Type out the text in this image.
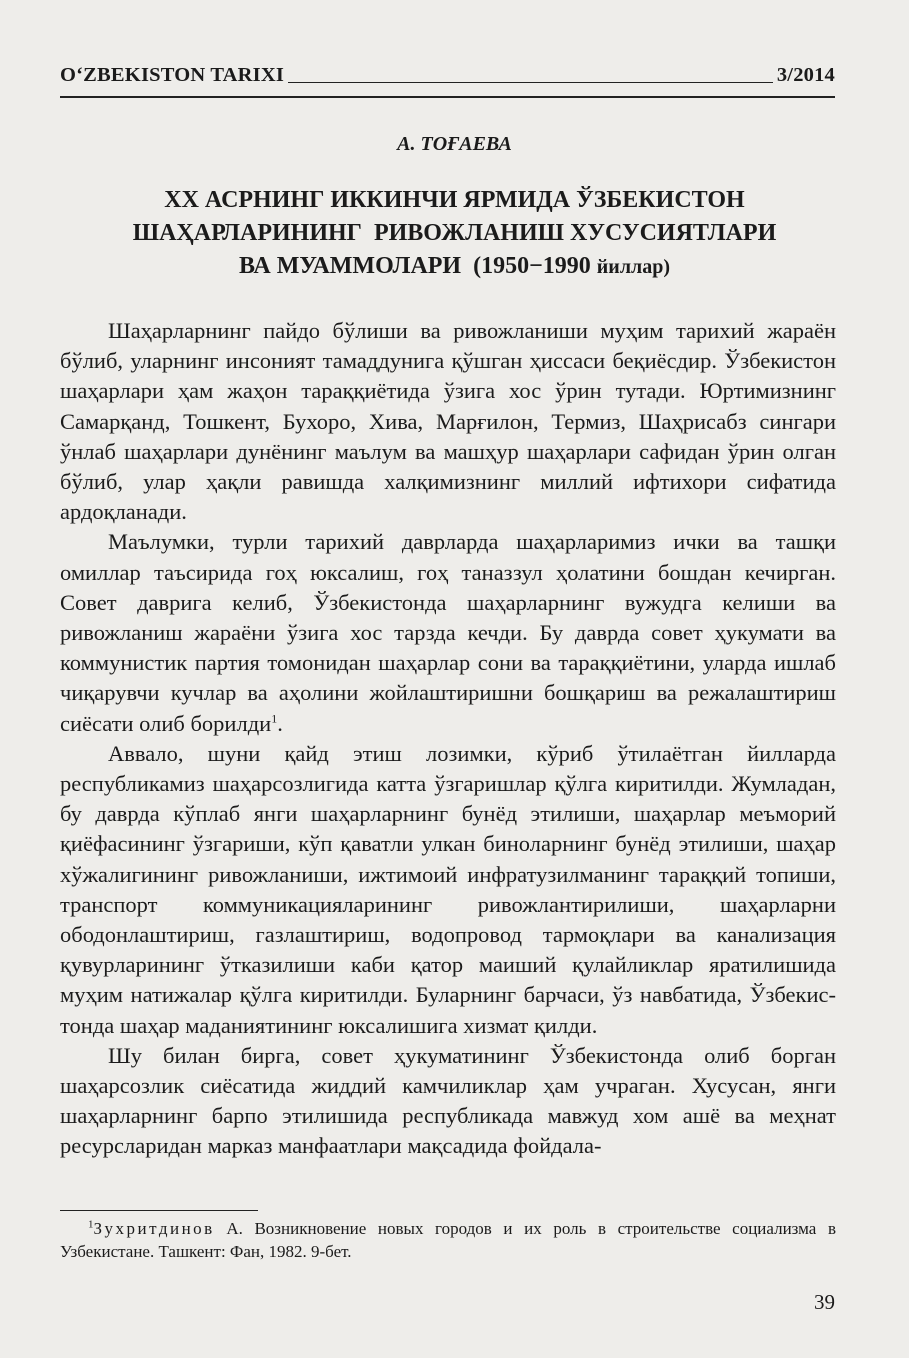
O‘ZBEKISTON TARIXI	3/2014
А. ТОҒАЕВА
XX АСРНИНГ ИККИНЧИ ЯРМИДА ЎЗБЕКИСТОН
ШАҲАРЛАРИНИНГ  РИВОЖЛАНИШ ХУСУСИЯТЛАРИ
ВА МУАММОЛАРИ  (1950−1990 йиллар)

Шаҳарларнинг пайдо бўлиши ва ривожланиши муҳим тарихий жараён бўлиб, уларнинг инсоният тамаддунига қўшган ҳиссаси беқиёсдир. Ўзбекистон шаҳарлари ҳам жаҳон тараққиётида ўзига хос ўрин тутади. Юртимизнинг Самарқанд, Тошкент, Бухоро, Хива, Марғилон, Термиз, Шаҳрисабз сингари ўнлаб шаҳарлари дунёнинг маълум ва машҳур шаҳарлари сафидан ўрин олган бўлиб, улар ҳақли равишда халқимизнинг миллий ифтихори сифатида ардоқланади.

Маълумки, турли тарихий даврларда шаҳарларимиз ички ва ташқи омиллар таъсирида гоҳ юксалиш, гоҳ таназзул ҳолатини бошдан кечирган. Совет даврига келиб, Ўзбекистонда шаҳарларнинг вужудга келиши ва ривожланиш жараёни ўзига хос тарзда кечди. Бу даврда совет ҳукумати ва коммунистик партия томонидан шаҳарлар сони ва тараққиётини, уларда ишлаб чиқарувчи кучлар ва аҳолини жойлаштиришни бошқариш ва режалаштириш сиёсати олиб борилди$^1$.

Аввало, шуни қайд этиш лозимки, кўриб ўтилаётган йилларда республикамиз шаҳарсозлигида катта ўзгаришлар қўлга киритилди. Жумладан, бу даврда кўплаб янги шаҳарларнинг бунёд этилиши, шаҳарлар меъморий қиёфасининг ўзгариши, кўп қаватли улкан биноларнинг бунёд этилиши, шаҳар хўжалигининг ривожланиши, ижтимоий инфратузилманинг тараққий топиши, транспорт коммуникацияларининг ривожлантирилиши, шаҳарларни ободонлаштириш, газлаштириш, водопровод тармоқлари ва канализация қувурларининг ўтказилиши каби қатор маиший қулайликлар яратилишида муҳим натижалар қўлга киритилди. Буларнинг барчаси, ўз навбатида, Ўзбекистонда шаҳар маданиятининг юксалишига хизмат қилди.

Шу билан бирга, совет ҳукуматининг Ўзбекистонда олиб борган шаҳарсозлик сиёсатида жиддий камчиликлар ҳам учраган. Хусусан, янги шаҳарларнинг барпо этилишида республикада мавжуд хом ашё ва меҳнат ресурсларидан марказ манфаатлари мақсадида фойдала-

$^1$Зухритдинов А. Возникновение новых городов и их роль в строительстве социализма в Узбекистане. Ташкент: Фан, 1982. 9-бет.
39
